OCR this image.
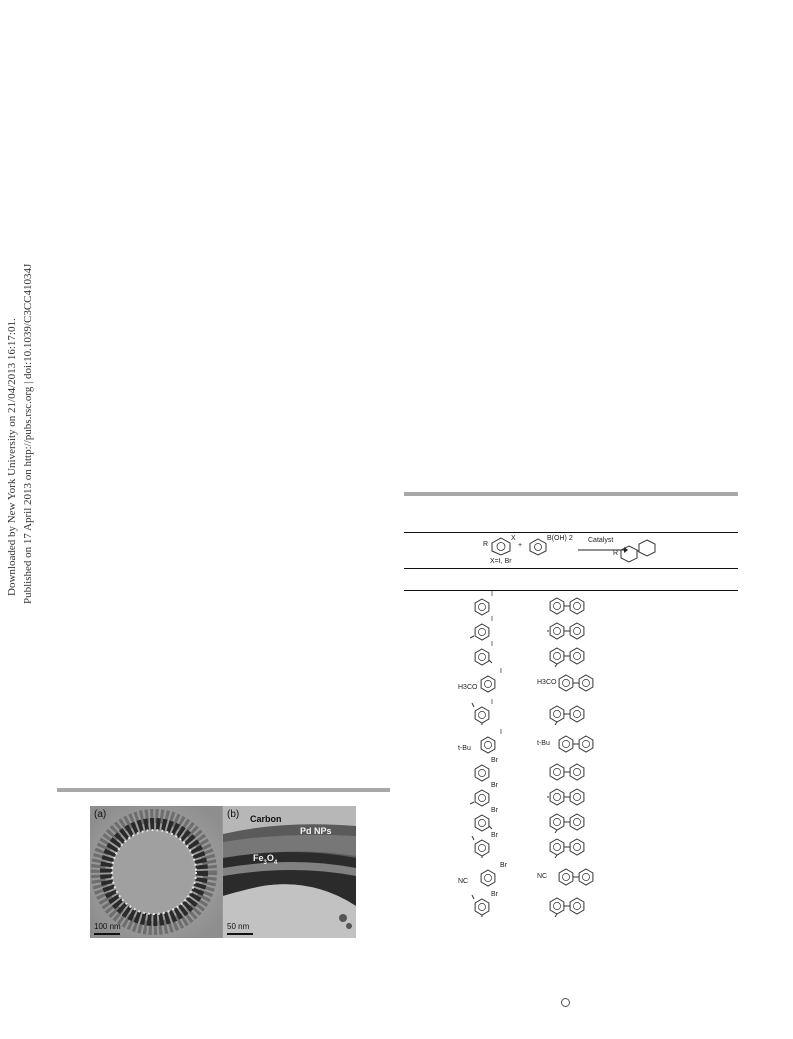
Downloaded by New York University on 21/04/2013 16:17:01. Published on 17 April 2013 on http://pubs.rsc.org | doi:10.1039/C3CC41034J
(a)
100 nm
(b) Carbon
Pd NPs
$Fe_3O_4$
50 nm
R
X
X=I, Br
+
B(OH) 2 Catalyst
R
I
I
I
H3CO
I
H3CO
I
t-Bu
I
t-Bu
Br
Br
Br
Br
NC
Br
NC
Br
